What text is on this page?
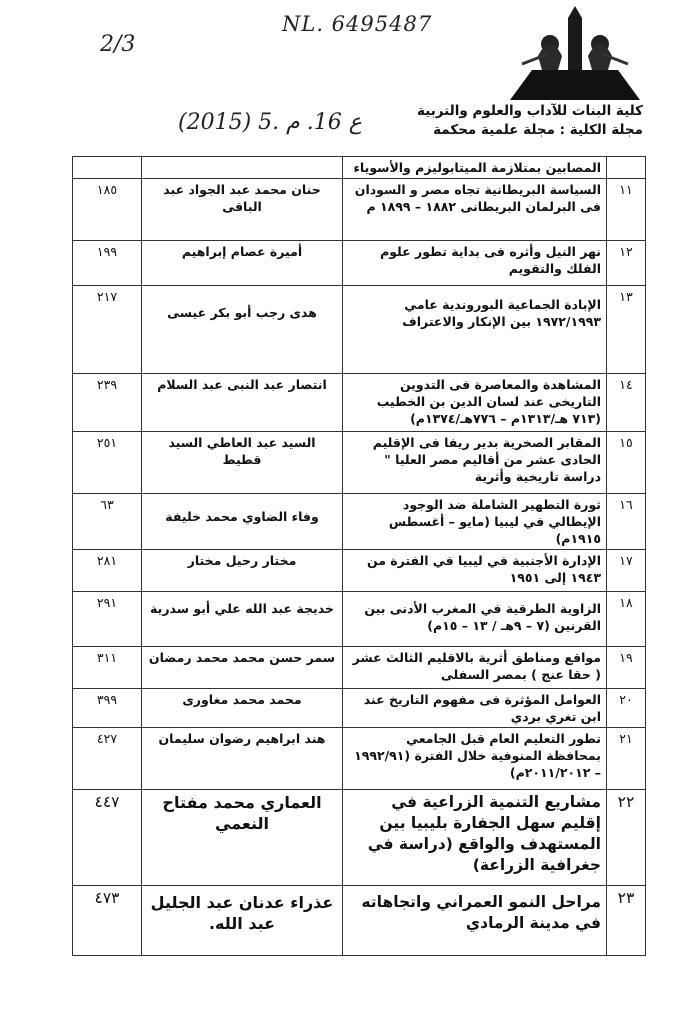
2/3
NL. 6495487
(2015) 5. ع 16. م	كلية البنات للآداب والعلوم والتربية
مجلة الكلية : مجلة علمية محكمة
	المصابين بمتلازمة الميتابوليزم والأسوياء		
١١	السياسة البريطانية تجاه مصر و السودان فى البرلمان البريطانى ١٨٨٢ – ١٨٩٩ م	حنان محمد عبد الجواد عبد الباقى	١٨٥
١٢	نهر النيل وأثره فى بداية تطور علوم الفلك والتقويم	أميرة عصام إبراهيم	١٩٩
١٣	الإبادة الجماعية البوروندية عامي ١٩٧٢/١٩٩٣ بين الإنكار والاعتراف	هدى رجب أبو بكر عيسى	٢١٧
١٤	المشاهدة والمعاصرة فى التدوين التاريخى عند لسان الدين بن الخطيب (٧١٣ هـ/١٣١٣م – ٧٧٦هـ/١٣٧٤م)	انتصار عبد النبى عبد السلام	٢٣٩
١٥	المقابر الصخرية بدير ريفا فى الإقليم الحادى عشر من أقاليم مصر العليا " دراسة تاريخية وأثرية	السيد عبد العاطي السيد قطيط	٢٥١
١٦	ثورة التطهير الشاملة ضد الوجود الإيطالي في ليبيا (مايو – أغسطس ١٩١٥م)	وفاء الضاوي محمد خليفة	٦٣
١٧	الإدارة الأجنبية في ليبيا في الفترة من ١٩٤٣ إلى ١٩٥١	مختار رحيل مختار	٢٨١
١٨	الزاوية الطرقية في المغرب الأدنى بين القرنين (٧ – ٩هـ / ١٣ – ١٥م)	خديجة عبد الله علي أبو سدرية	٢٩١
١٩	مواقع ومناطق أثرية بالاقليم الثالث عشر ( حقا عنج ) بمصر السفلى	سمر حسن محمد محمد رمضان	٣١١
٢٠	العوامل المؤثرة فى مفهوم التاريخ عند ابن تغري بردي	محمد محمد مغاورى	٣٩٩
٢١	تطور التعليم العام قبل الجامعي بمحافظة المنوفية خلال الفترة (١٩٩٢/٩١ – ٢٠١١/٢٠١٢م)	هند ابراهيم رضوان سليمان	٤٢٧
٢٢	مشاريع التنمية الزراعية في إقليم سهل الجفارة بليبيا بين المستهدف والواقع (دراسة في جغرافية الزراعة)	العماري محمد مفتاح النعمي	٤٤٧
٢٣	مراحل النمو العمراني واتجاهاته في مدينة الرمادي	عذراء عدنان عبد الجليل عبد الله.	٤٧٣
